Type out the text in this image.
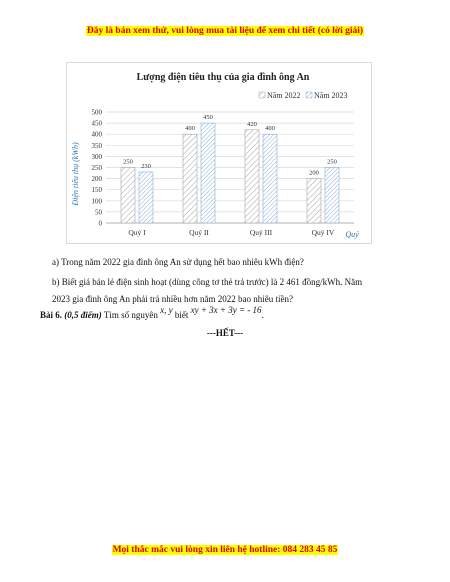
Đây là bản xem thử, vui lòng mua tài liệu để xem chi tiết (có lời giải)
Lượng điện tiêu thụ của gia đình ông An
Năm 2022 Năm 2023
0
50
100
150
200
250
300
350
400
450
500
250
230
400
450
420
400
200
250
Quý I	Quý II	Quý III	Quý IV
Điện tiêu thụ (kWh)
Quý
a) Trong năm 2022 gia đình ông An sử dụng hết bao nhiêu kWh điện?
b) Biết giá bán lẻ điện sinh hoạt (dùng công tơ thẻ trả trước) là 2 461 đồng/kWh. Năm
2023 gia đình ông An phải trả nhiều hơn năm 2022 bao nhiêu tiền?
Bài 6. (0,5 điểm) Tìm số nguyên x, y biết xy + 3x + 3y = - 16.
---HẾT---
Mọi thắc mắc vui lòng xin liên hệ hotline: 084 283 45 85
